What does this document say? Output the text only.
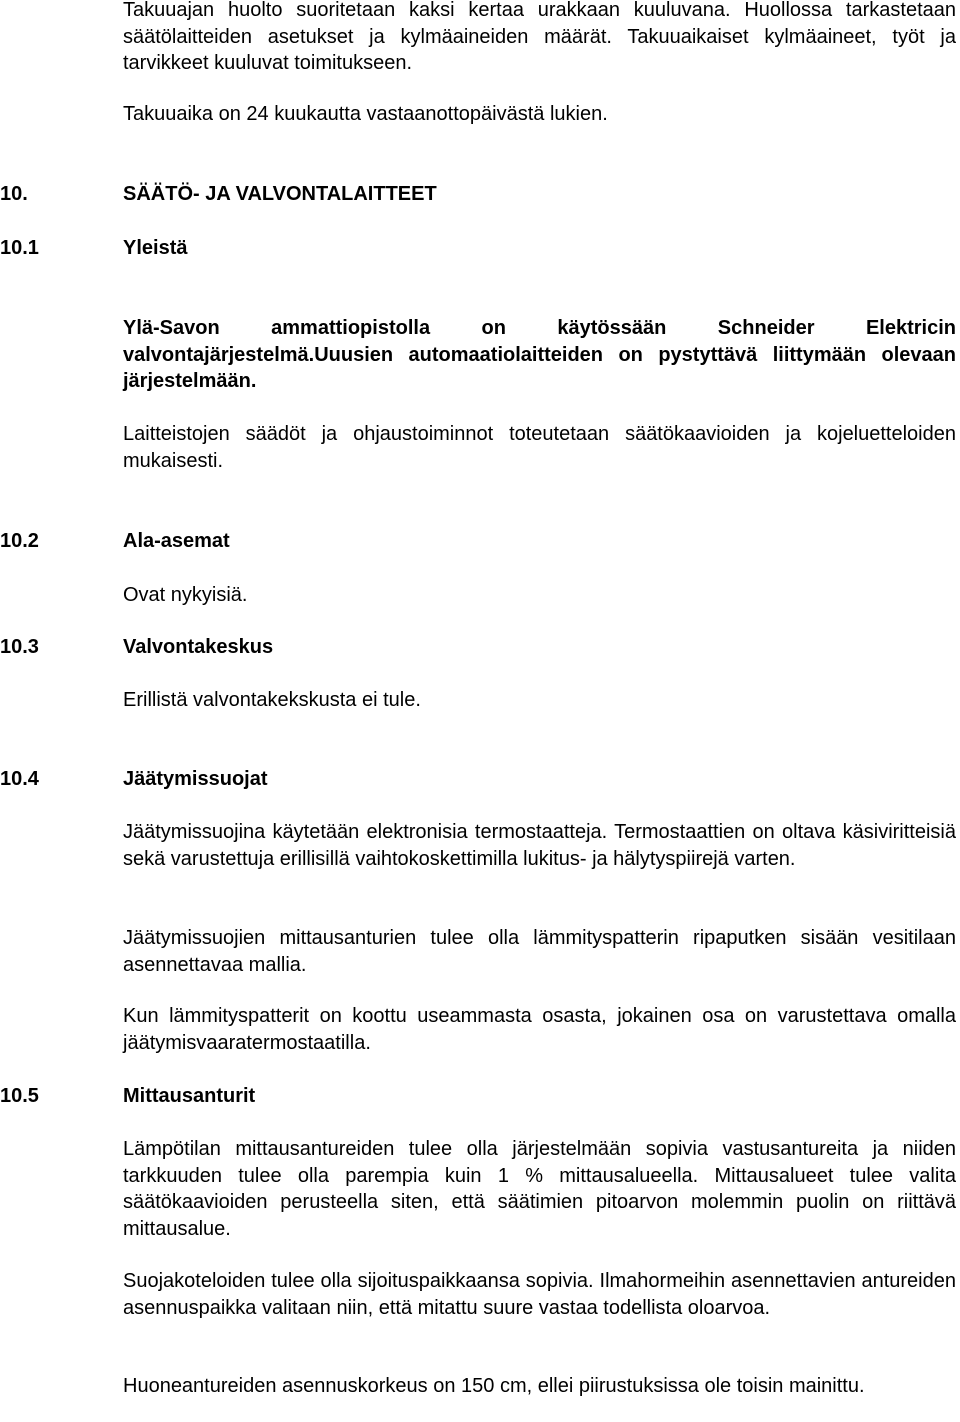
Takuuajan huolto suoritetaan kaksi kertaa urakkaan kuuluvana. Huollossa tarkastetaan säätölaitteiden asetukset ja kylmäaineiden määrät. Takuuaikaiset kylmäaineet, työt ja tarvikkeet kuuluvat toimitukseen.
Takuuaika on 24 kuukautta vastaanottopäivästä lukien.
10.	SÄÄTÖ- JA VALVONTALAITTEET
10.1	Yleistä
Ylä-Savon ammattiopistolla on käytössään Schneider Elektricin valvontajärjestelmä.Uuusien automaatiolaitteiden on pystyttävä liittymään olevaan järjestelmään.
Laitteistojen säädöt ja ohjaustoiminnot toteutetaan säätökaavioiden ja kojeluetteloiden mukaisesti.
10.2	Ala-asemat
Ovat nykyisiä.
10.3	Valvontakeskus
Erillistä valvontakekskusta ei tule.
10.4	Jäätymissuojat
Jäätymissuojina käytetään elektronisia termostaatteja. Termostaattien on oltava käsiviritteisiä sekä varustettuja erillisillä vaihtokoskettimilla lukitus- ja hälytyspiirejä varten.
Jäätymissuojien mittausanturien tulee olla lämmityspatterin ripaputken sisään vesitilaan asennettavaa mallia.
Kun lämmityspatterit on koottu useammasta osasta, jokainen osa on varustettava omalla jäätymisvaaratermostaatilla.
10.5	Mittausanturit
Lämpötilan mittausantureiden tulee olla järjestelmään sopivia vastusantureita ja niiden tarkkuuden tulee olla parempia kuin 1 % mittausalueella. Mittausalueet tulee valita säätökaavioiden perusteella siten, että säätimien pitoarvon molemmin puolin on riittävä mittausalue.
Suojakoteloiden tulee olla sijoituspaikkaansa sopivia. Ilmahormeihin asennettavien antureiden asennuspaikka valitaan niin, että mitattu suure vastaa todellista oloarvoa.
Huoneantureiden asennuskorkeus on 150 cm, ellei piirustuksissa ole toisin mainittu.
